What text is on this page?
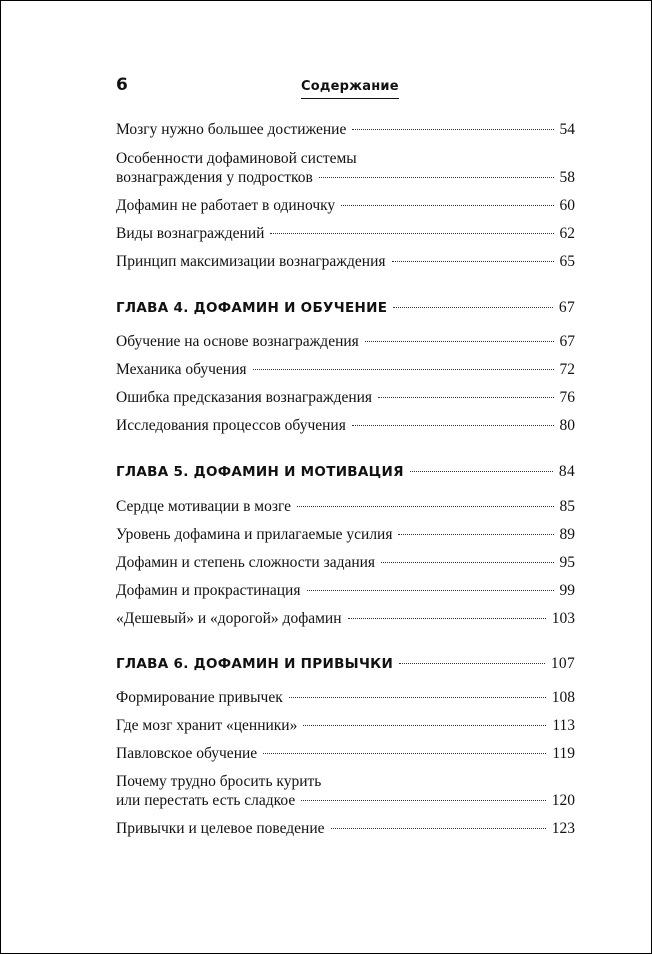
6	Содержание
Мозгу нужно большее достижение	54
Особенности дофаминовой системы
вознаграждения у подростков	58
Дофамин не работает в одиночку	60
Виды вознаграждений	62
Принцип максимизации вознаграждения	65
ГЛАВА 4. ДОФАМИН И ОБУЧЕНИЕ	67
Обучение на основе вознаграждения	67
Механика обучения	72
Ошибка предсказания вознаграждения	76
Исследования процессов обучения	80
ГЛАВА 5. ДОФАМИН И МОТИВАЦИЯ	84
Сердце мотивации в мозге	85
Уровень дофамина и прилагаемые усилия	89
Дофамин и степень сложности задания	95
Дофамин и прокрастинация	99
«Дешевый» и «дорогой» дофамин	103
ГЛАВА 6. ДОФАМИН И ПРИВЫЧКИ	107
Формирование привычек	108
Где мозг хранит «ценники»	113
Павловское обучение	119
Почему трудно бросить курить
или перестать есть сладкое	120
Привычки и целевое поведение	123
